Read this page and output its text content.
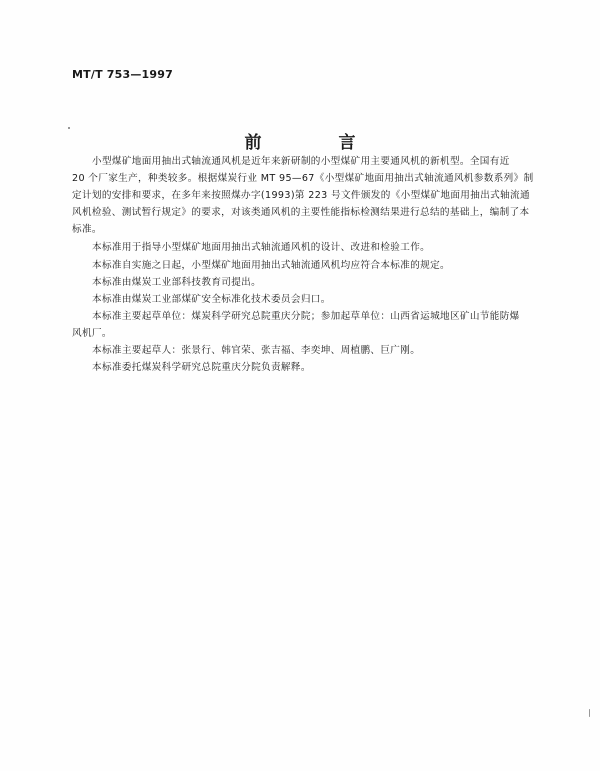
MT/T 753—1997
前　言
小型煤矿地面用抽出式轴流通风机是近年来新研制的小型煤矿用主要通风机的新机型。全国有近
20 个厂家生产，种类较多。根据煤炭行业 MT 95—67《小型煤矿地面用抽出式轴流通风机参数系列》制
定计划的安排和要求，在多年来按照煤办字(1993)第 223 号文件颁发的《小型煤矿地面用抽出式轴流通
风机检验、测试暂行规定》的要求，对该类通风机的主要性能指标检测结果进行总结的基础上，编制了本
标准。
本标准用于指导小型煤矿地面用抽出式轴流通风机的设计、改进和检验工作。
本标准自实施之日起，小型煤矿地面用抽出式轴流通风机均应符合本标准的规定。
本标准由煤炭工业部科技教育司提出。
本标准由煤炭工业部煤矿安全标准化技术委员会归口。
本标准主要起草单位：煤炭科学研究总院重庆分院；参加起草单位：山西省运城地区矿山节能防爆
风机厂。
本标准主要起草人：张景行、韩官荣、张吉福、李奕坤、周植鹏、巨广刚。
本标准委托煤炭科学研究总院重庆分院负责解释。
